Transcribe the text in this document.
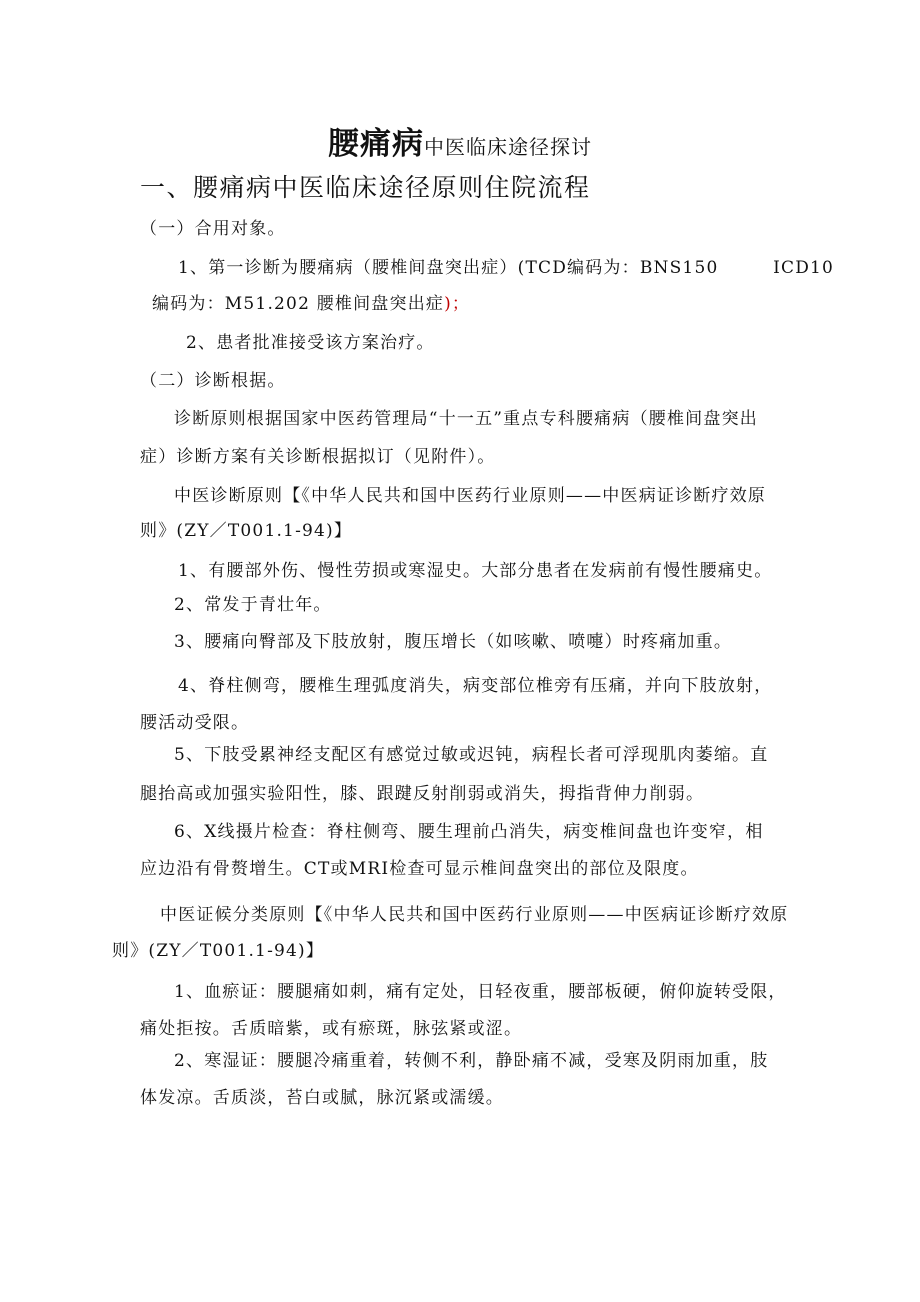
腰痛病中医临床途径探讨
一、腰痛病中医临床途径原则住院流程
（一）合用对象。
1、第一诊断为腰痛病（腰椎间盘突出症）(TCD编码为：BNS150　　　ICD10
编码为：M51.202 腰椎间盘突出症)；
2、患者批准接受该方案治疗。
（二）诊断根据。
诊断原则根据国家中医药管理局“十一五”重点专科腰痛病（腰椎间盘突出
症）诊断方案有关诊断根据拟订（见附件）。
中医诊断原则【《中华人民共和国中医药行业原则——中医病证诊断疗效原
则》(ZY／T001.1-94)】
1、有腰部外伤、慢性劳损或寒湿史。大部分患者在发病前有慢性腰痛史。
2、常发于青壮年。
3、腰痛向臀部及下肢放射，腹压增长（如咳嗽、喷嚏）时疼痛加重。
4、脊柱侧弯，腰椎生理弧度消失，病变部位椎旁有压痛，并向下肢放射，
腰活动受限。
5、下肢受累神经支配区有感觉过敏或迟钝，病程长者可浮现肌肉萎缩。直
腿抬高或加强实验阳性，膝、跟踺反射削弱或消失，拇指背伸力削弱。
6、X线摄片检查：脊柱侧弯、腰生理前凸消失，病变椎间盘也许变窄，相
应边沿有骨赘增生。CT或MRI检查可显示椎间盘突出的部位及限度。
中医证候分类原则【《中华人民共和国中医药行业原则——中医病证诊断疗效原
则》(ZY／T001.1-94)】
1、血瘀证：腰腿痛如刺，痛有定处，日轻夜重，腰部板硬，俯仰旋转受限，
痛处拒按。舌质暗紫，或有瘀斑，脉弦紧或涩。
2、寒湿证：腰腿冷痛重着，转侧不利，静卧痛不减，受寒及阴雨加重，肢
体发凉。舌质淡，苔白或腻，脉沉紧或濡缓。
